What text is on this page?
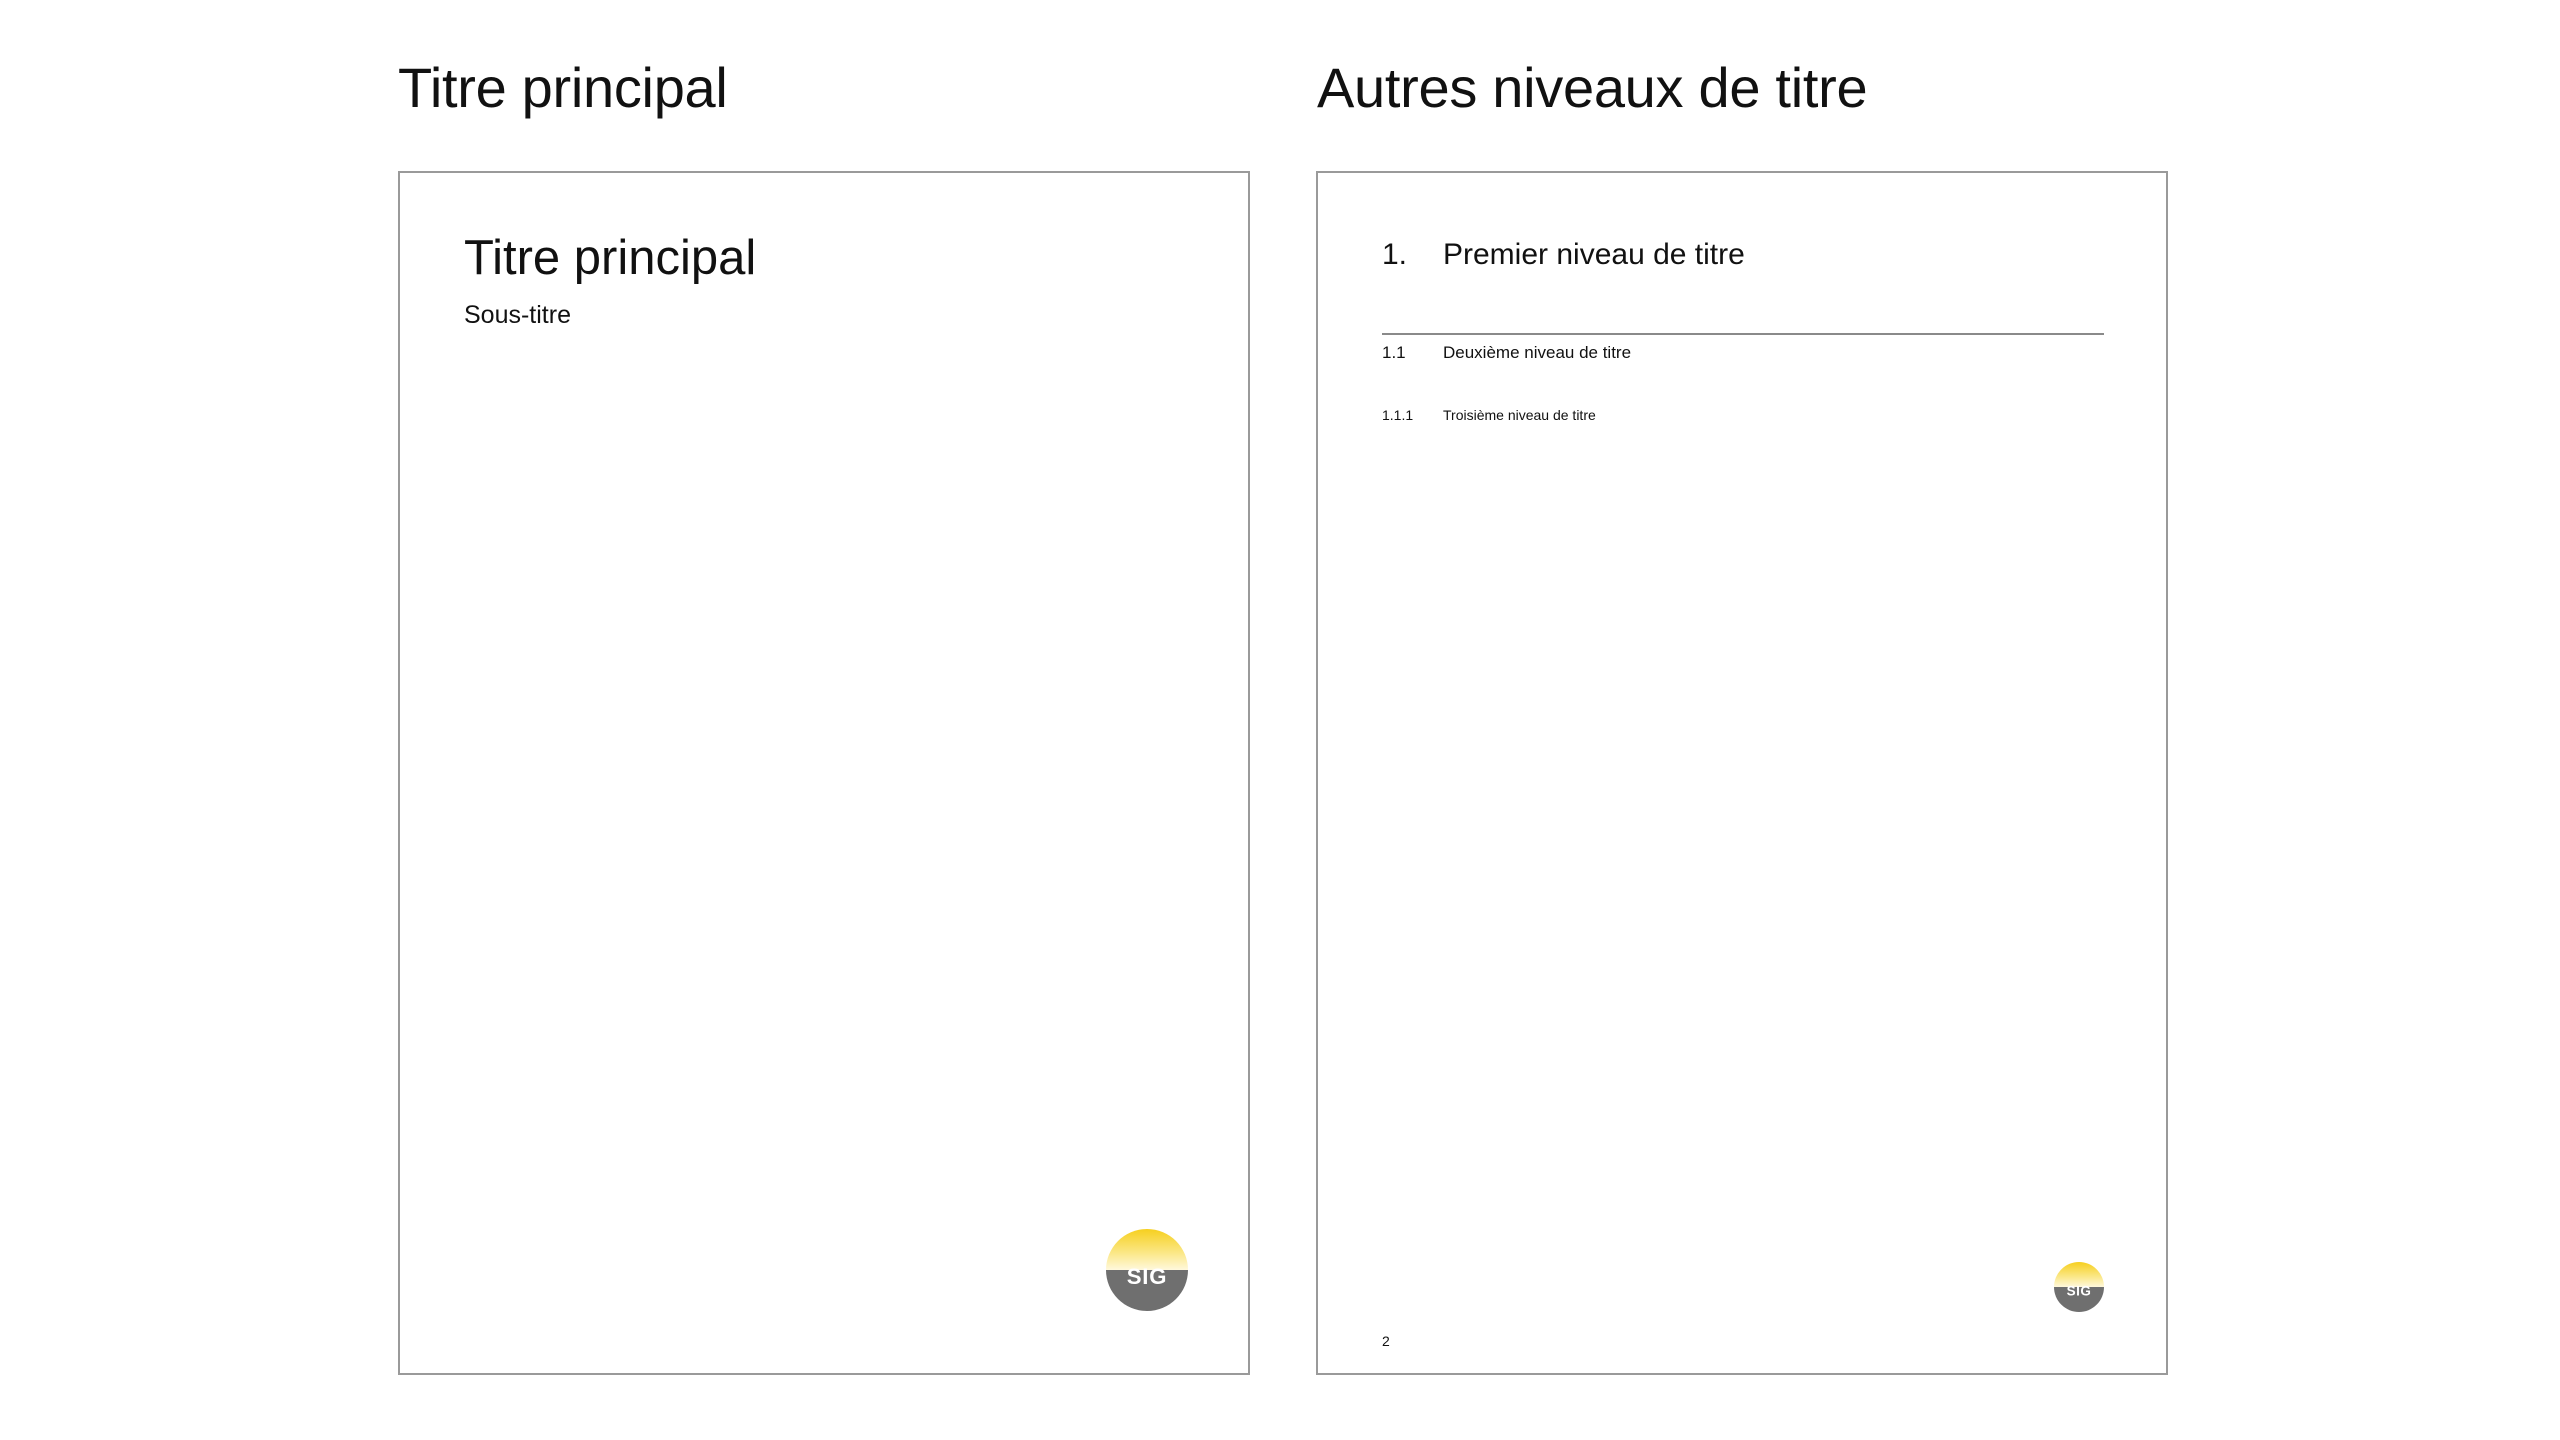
Titre principal	Autres niveaux de titre
Titre principal
Sous-titre
SIG
1. Premier niveau de titre
1.1 Deuxième niveau de titre
1.1.1 Troisième niveau de titre
2
SIG
